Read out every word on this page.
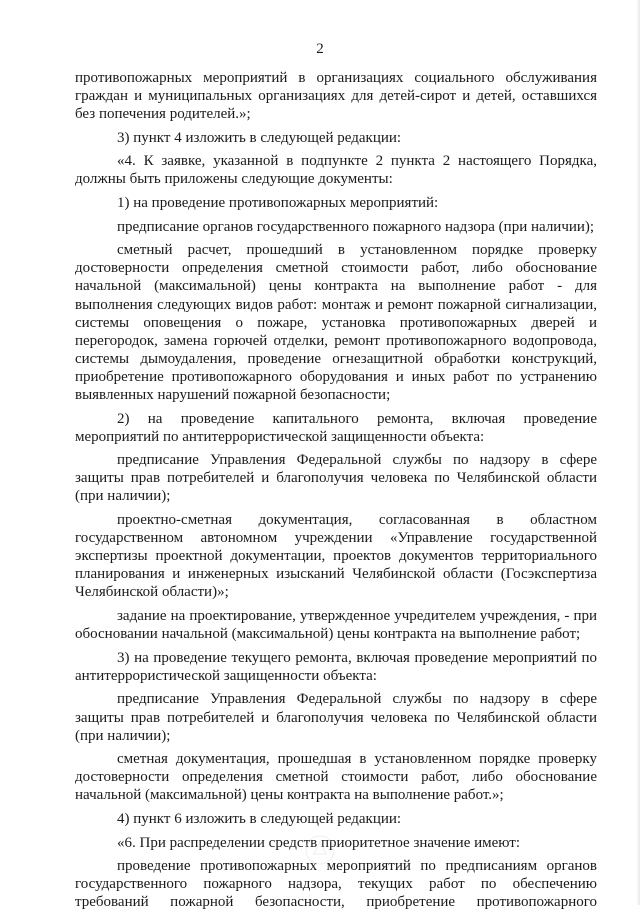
2

противопожарных мероприятий в организациях социального обслуживания граждан и муниципальных организациях для детей-сирот и детей, оставшихся

без попечения родителей.»;

3) пункт 4 изложить в следующей редакции:

«4. К заявке, указанной в подпункте 2 пункта 2 настоящего Порядка, должны быть приложены следующие документы:

1) на проведение противопожарных мероприятий:

предписание органов государственного пожарного надзора (при наличии);

сметный расчет, прошедший в установленном порядке проверку достоверности определения сметной стоимости работ, либо обоснование начальной (максимальной) цены контракта на выполнение работ - для выполнения следующих видов работ: монтаж и ремонт пожарной сигнализации, системы оповещения о пожаре, установка противопожарных дверей и перегородок, замена горючей отделки, ремонт противопожарного водопровода, системы дымоудаления, проведение огнезащитной обработки конструкций, приобретение противопожарного оборудования и иных работ по устранению выявленных нарушений пожарной безопасности;

2) на проведение капитального ремонта, включая проведение мероприятий по антитеррористической защищенности объекта:

предписание Управления Федеральной службы по надзору в сфере защиты прав потребителей и благополучия человека по Челябинской области (при наличии);

проектно-сметная документация, согласованная в областном государственном автономном учреждении «Управление государственной экспертизы проектной документации, проектов документов территориального планирования и инженерных изысканий Челябинской области (Госэкспертиза Челябинской области)»;

задание на проектирование, утвержденное учредителем учреждения, - при обосновании начальной (максимальной) цены контракта на выполнение работ;

3) на проведение текущего ремонта, включая проведение мероприятий по антитеррористической защищенности объекта:

предписание Управления Федеральной службы по надзору в сфере защиты прав потребителей и благополучия человека по Челябинской области (при наличии);

сметная документация, прошедшая в установленном порядке проверку достоверности определения сметной стоимости работ, либо обоснование начальной (максимальной) цены контракта на выполнение работ.»;

4) пункт 6 изложить в следующей редакции:

«6. При распределении средств приоритетное значение имеют:

проведение противопожарных мероприятий по предписаниям органов государственного пожарного надзора, текущих работ по обеспечению требований пожарной безопасности, приобретение противопожарного
